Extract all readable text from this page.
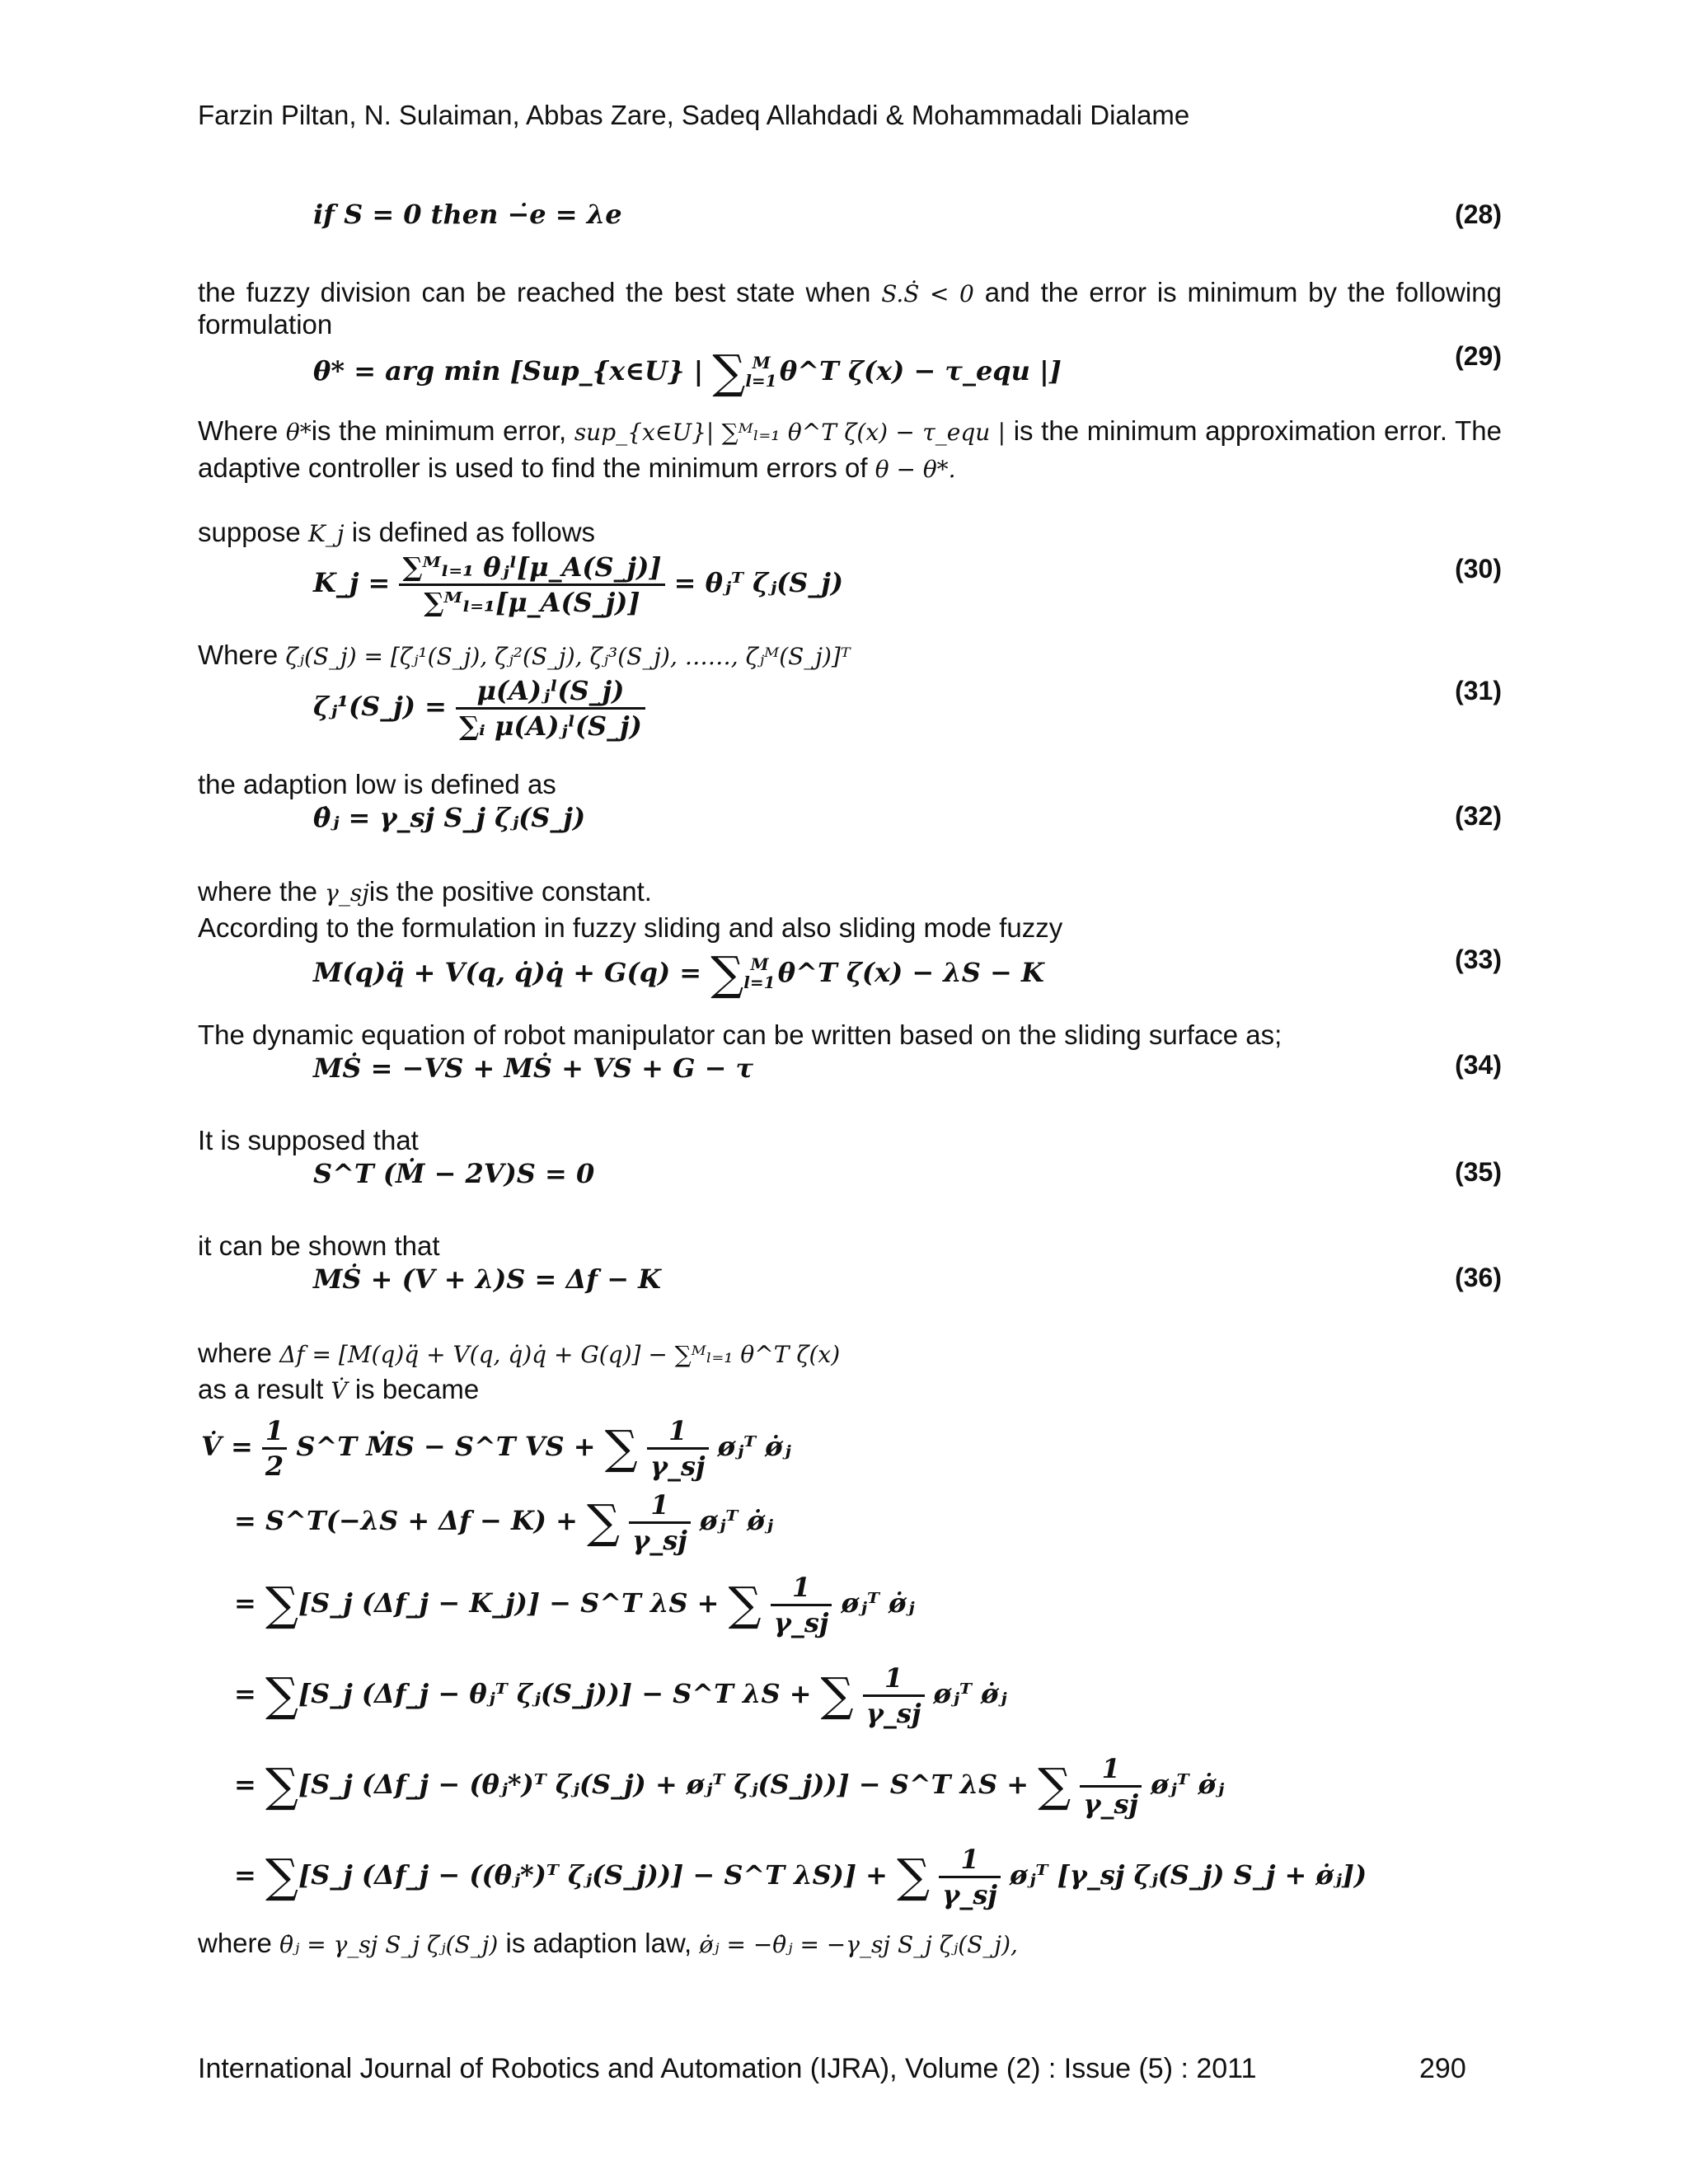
Farzin Piltan, N. Sulaiman, Abbas Zare, Sadeq Allahdadi & Mohammadali Dialame
if S = 0 then −̇e = λe	(28)
the fuzzy division can be reached the best state when S.Ṡ < 0 and the error is minimum by the following
formulation
θ* = arg min [Sup_{x∈U} | $\sum_{l=1}^M$ θ^T ζ(x) − τ_equ |]	(29)
Where θ*is the minimum error, sup_{x∈U}| ∑ᴹₗ₌₁ θ^T ζ(x) − τ_equ | is the minimum approximation error. The
adaptive controller is used to find the minimum errors of θ − θ*.
suppose K_j is defined as follows
K_j = $\frac{\text{∑ᴹₗ₌₁ θⱼˡ[μ\_A(S\_j)]}}{\text{∑ᴹₗ₌₁[μ\_A(S\_j)]}}$ = θⱼᵀ ζⱼ(S_j)	(30)
Where ζⱼ(S_j) = [ζⱼ¹(S_j), ζⱼ²(S_j), ζⱼ³(S_j), ……, ζⱼᴹ(S_j)]ᵀ
ζⱼ¹(S_j) = $\frac{\text{μ(A)ⱼˡ(S\_j)}}{\text{∑ᵢ μ(A)ⱼˡ(S\_j)}}$	(31)
the adaption low is defined as
θ̇ⱼ = γ_sj S_j ζⱼ(S_j)	(32)
where the γ_sjis the positive constant.
According to the formulation in fuzzy sliding and also sliding mode fuzzy
M(q)q̈ + V(q, q̇)q̇ + $G(q) = \sum_{l=1}^M$ θ^T ζ(x) − λS − K	(33)
The dynamic equation of robot manipulator can be written based on the sliding surface as;
MṠ = −VS + MṠ + VS + G − τ	(34)
It is supposed that
S^T (Ṁ − 2V)S = 0	(35)
it can be shown that
MṠ + (V + λ)S = Δf − K	(36)
where Δf = [M(q)q̈ + V(q, q̇)q̇ + G(q)] − ∑ᴹₗ₌₁ θ^T ζ(x)
as a result V̇ is became
V̇ = $\frac{1}{2}$ S^T ṀS − S^T VS + ∑ $\frac{1}{\gamma\_sj}$ øⱼᵀ ø̇ⱼ
= S^T(−λS + Δf − K) + ∑ $\frac{1}{\gamma\_sj}$ øⱼᵀ ø̇ⱼ
= ∑[S_j (Δf_j − K_j)] − S^T λS + ∑ $\frac{1}{\gamma\_sj}$ øⱼᵀ ø̇ⱼ
= ∑[S_j (Δf_j − θⱼᵀ ζⱼ(S_j))] − S^T λS + ∑ $\frac{1}{\gamma\_sj}$ øⱼᵀ ø̇ⱼ
= ∑[S_j (Δf_j − (θⱼ*)ᵀ ζⱼ(S_j) + øⱼᵀ ζⱼ(S_j))] − S^T λS + ∑ $\frac{1}{\gamma\_sj}$ øⱼᵀ ø̇ⱼ
= ∑[S_j (Δf_j − ((θⱼ*)ᵀ ζⱼ(S_j))] − S^T λS)] + ∑ $\frac{1}{\gamma\_sj}$ øⱼᵀ [γ_sj ζⱼ(S_j) S_j + ø̇ⱼ])
where θ̇ⱼ = γ_sj S_j ζⱼ(S_j) is adaption law, ø̇ⱼ = −θ̇ⱼ = −γ_sj S_j ζⱼ(S_j),
International Journal of Robotics and Automation (IJRA), Volume (2) : Issue (5) : 2011	290
